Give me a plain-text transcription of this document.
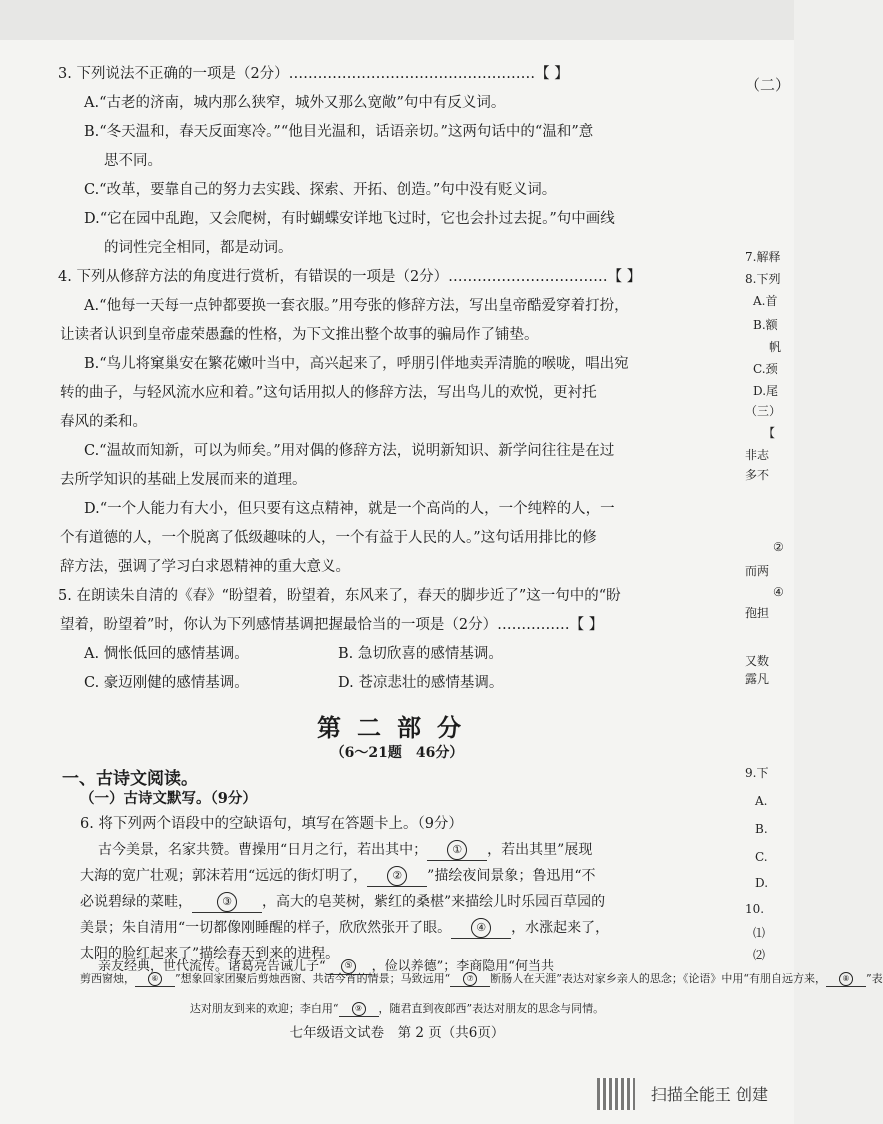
3. 下列说法不正确的一项是（2分）……………………………………………【 】
A.“古老的济南，城内那么狭窄，城外又那么宽敞”句中有反义词。
B.“冬天温和，春天反面寒冷。”“他目光温和，话语亲切。”这两句话中的“温和”意
思不同。
C.“改革，要靠自己的努力去实践、探索、开拓、创造。”句中没有贬义词。
D.“它在园中乱跑，又会爬树，有时蝴蝶安详地飞过时，它也会扑过去捉。”句中画线
的词性完全相同，都是动词。
4. 下列从修辞方法的角度进行赏析，有错误的一项是（2分）……………………………【 】
A.“他每一天每一点钟都要换一套衣服。”用夸张的修辞方法，写出皇帝酷爱穿着打扮，
让读者认识到皇帝虚荣愚蠢的性格，为下文推出整个故事的骗局作了铺垫。
B.“鸟儿将窠巢安在繁花嫩叶当中，高兴起来了，呼朋引伴地卖弄清脆的喉咙，唱出宛
转的曲子，与轻风流水应和着。”这句话用拟人的修辞方法，写出鸟儿的欢悦，更衬托
春风的柔和。
C.“温故而知新，可以为师矣。”用对偶的修辞方法，说明新知识、新学问往往是在过
去所学知识的基础上发展而来的道理。
D.“一个人能力有大小，但只要有这点精神，就是一个高尚的人，一个纯粹的人，一
个有道德的人，一个脱离了低级趣味的人，一个有益于人民的人。”这句话用排比的修
辞方法，强调了学习白求恩精神的重大意义。
5. 在朗读朱自清的《春》“盼望着，盼望着，东风来了，春天的脚步近了”这一句中的“盼
望着，盼望着”时，你认为下列感情基调把握最恰当的一项是（2分）……………【 】
A. 惆怅低回的感情基调。	B. 急切欣喜的感情基调。
C. 豪迈刚健的感情基调。	D. 苍凉悲壮的感情基调。
第二部分
（6～21题　46分）
一、古诗文阅读。
（一）古诗文默写。（9分）
6. 将下列两个语段中的空缺语句，填写在答题卡上。（9分）
古今美景，名家共赞。曹操用“日月之行，若出其中； ① ，若出其里”展现
大海的宽广壮观；郭沫若用“远远的街灯明了， ② ”描绘夜间景象；鲁迅用“不
必说碧绿的菜畦，	③ ，高大的皂荚树，紫红的桑椹”来描绘儿时乐园百草园的
美景；朱自清用“一切都像刚睡醒的样子，欣欣然张开了眼。 ④ ，水涨起来了，
太阳的脸红起来了”描绘春天到来的进程。
亲友经典，世代流传。诸葛亮告诫儿子“ ⑤ ，俭以养德”；李商隐用“何当共
剪西窗烛， ⑥ ”想象回家团聚后剪烛西窗、共话今宵的情景；马致远用“ ⑦ 断肠人在天涯”表达对家乡亲人的思念；《论语》中用“有朋自远方来， ⑧ ”表
达对朋友到来的欢迎；李白用“ ⑨ ，随君直到夜郎西”表达对朋友的思念与同情。
七年级语文试卷　第 2 页（共6页）
（二）
7.解释
8.下列
A.首
B.额
帆
C.颈
D.尾
（三）
【
非志
多不
②
而两
④
孢担
又数
露凡
9.下
A.
B.
C.
D.
10.
⑴
⑵
扫描全能王 创建
